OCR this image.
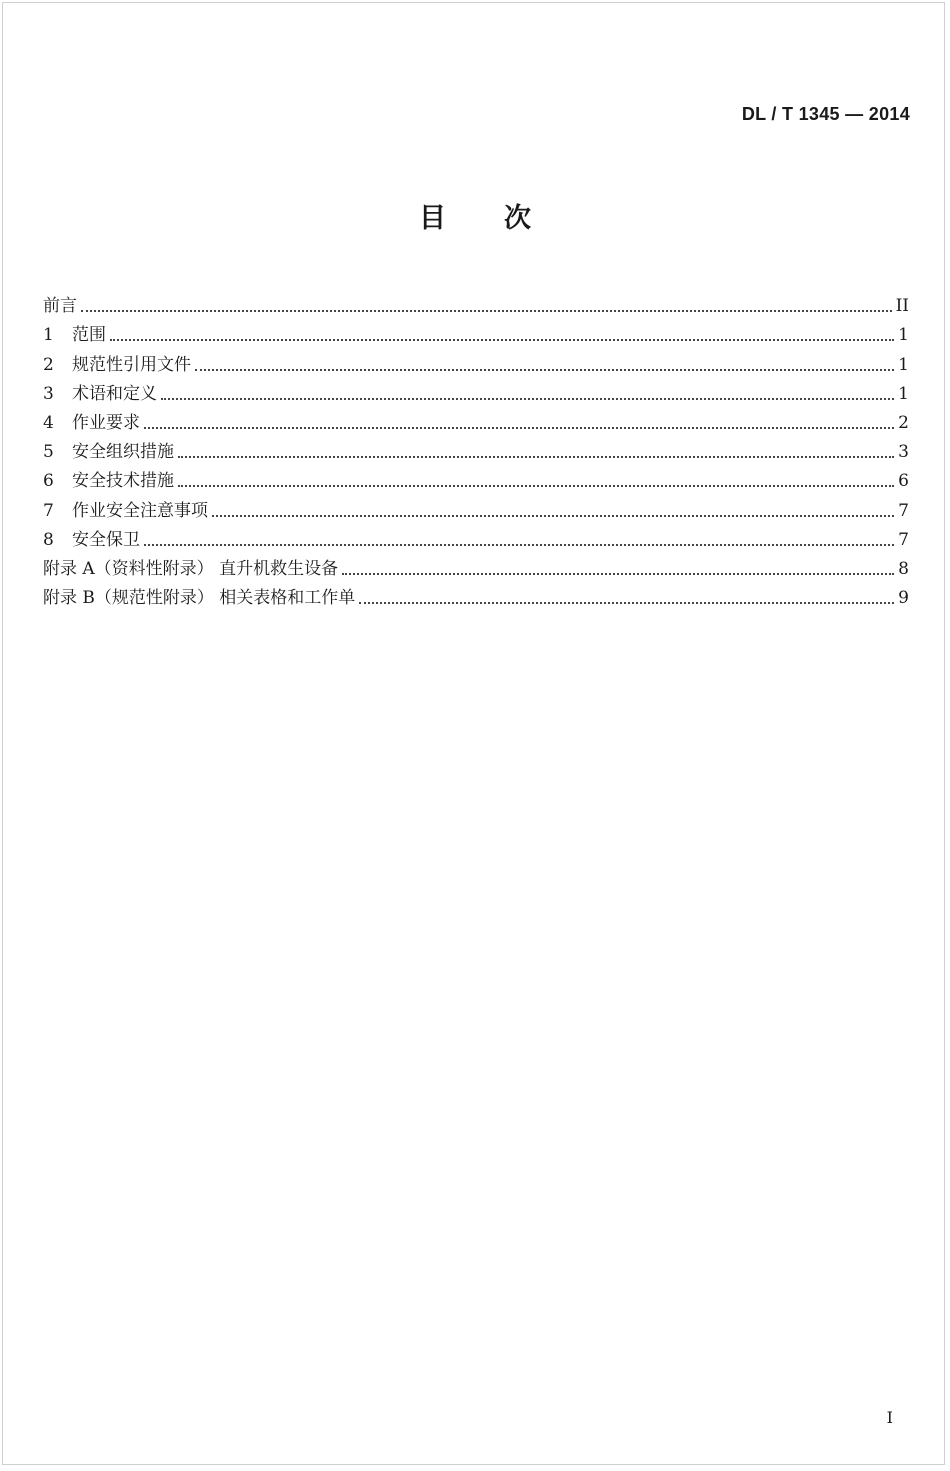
DL / T 1345 — 2014
目次
前言	II
1	范围	1
2	规范性引用文件	1
3	术语和定义	1
4	作业要求	2
5	安全组织措施	3
6	安全技术措施	6
7	作业安全注意事项	7
8	安全保卫	7
附录 A（资料性附录） 直升机救生设备	8
附录 B（规范性附录） 相关表格和工作单	9
I
